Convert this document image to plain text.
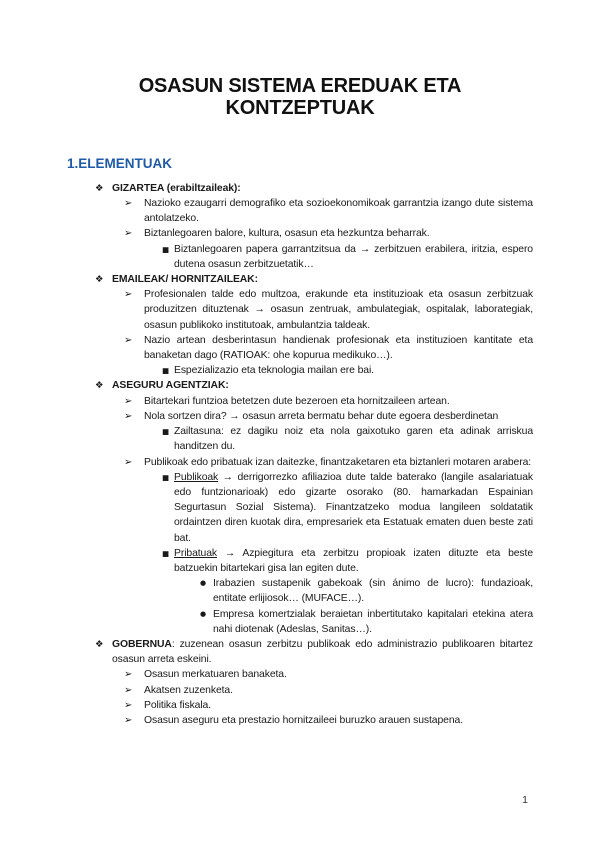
OSASUN SISTEMA EREDUAK ETA KONTZEPTUAK
1.ELEMENTUAK
❖ GIZARTEA (erabiltzaileak):
➢	Nazioko ezaugarri demografiko eta sozioekonomikoak garrantzia izango dute sistema antolatzeko.
➢	Biztanlegoaren balore, kultura, osasun eta hezkuntza beharrak.
■ Biztanlegoaren papera garrantzitsua da → zerbitzuen erabilera, iritzia, espero dutena osasun zerbitzuetatik…
❖ EMAILEAK/ HORNITZAILEAK:
➢	Profesionalen talde edo multzoa, erakunde eta instituzioak eta osasun zerbitzuak produzitzen dituztenak → osasun zentruak, ambulategiak, ospitalak, laborategiak, osasun publikoko institutoak, ambulantzia taldeak.
➢	Nazio artean desberintasun handienak profesionak eta instituzioen kantitate eta banaketan dago (RATIOAK: ohe kopurua medikuko…).
■ Espezializazio eta teknologia mailan ere bai.
❖ ASEGURU AGENTZIAK:
➢	Bitartekari funtzioa betetzen dute bezeroen eta hornitzaileen artean.
➢	Nola sortzen dira? → osasun arreta bermatu behar dute egoera desberdinetan
■ Zailtasuna: ez dagiku noiz eta nola gaixotuko garen eta adinak arriskua handitzen du.
➢	Publikoak edo pribatuak izan daitezke, finantzaketaren eta biztanleri motaren arabera:
■ Publikoak → derrigorrezko afiliazioa dute talde baterako (langile asalariatuak edo funtzionarioak) edo gizarte osorako (80. hamarkadan Espainian Segurtasun Sozial Sistema). Finantzatzeko modua langileen soldatatik ordaintzen diren kuotak dira, empresariek eta Estatuak ematen duen beste zati bat.
■ Pribatuak → Azpiegitura eta zerbitzu propioak izaten dituzte eta beste batzuekin bitartekari gisa lan egiten dute.
● Irabazien sustapenik gabekoak (sin ánimo de lucro): fundazioak, entitate erlijiosok… (MUFACE…).
● Empresa komertzialak beraietan inbertitutako kapitalari etekina atera nahi diotenak (Adeslas, Sanitas…).
❖ GOBERNUA: zuzenean osasun zerbitzu publikoak edo administrazio publikoaren bitartez osasun arreta eskeini.
➢	Osasun merkatuaren banaketa.
➢	Akatsen zuzenketa.
➢	Politika fiskala.
➢	Osasun aseguru eta prestazio hornitzaileei buruzko arauen sustapena.
1
